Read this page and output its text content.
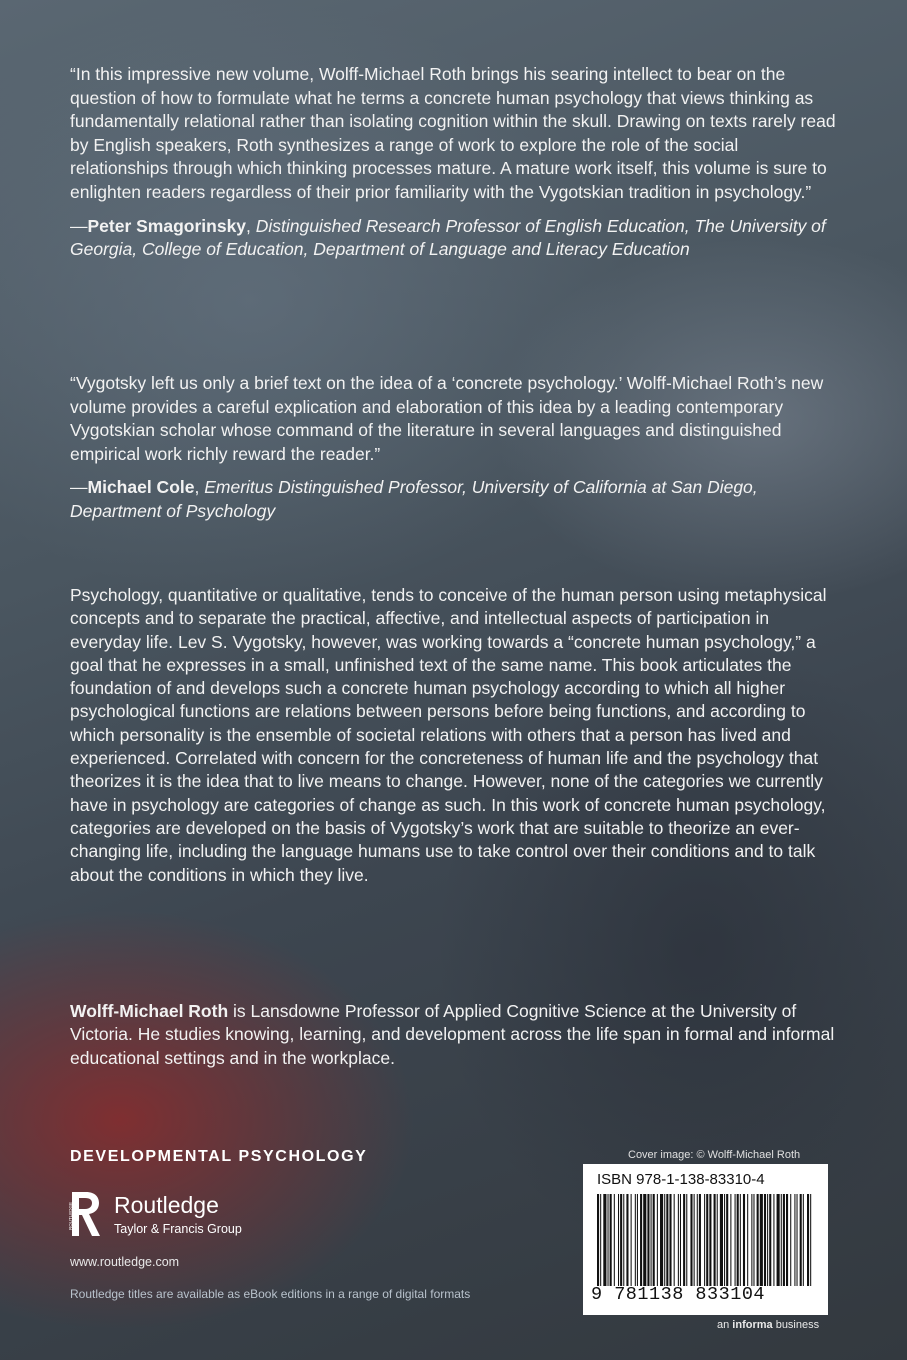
“In this impressive new volume, Wolff-Michael Roth brings his searing intellect to bear on the question of how to formulate what he terms a concrete human psychology that views thinking as fundamentally relational rather than isolating cognition within the skull. Drawing on texts rarely read by English speakers, Roth synthesizes a range of work to explore the role of the social relationships through which thinking processes mature. A mature work itself, this volume is sure to enlighten readers regardless of their prior familiarity with the Vygotskian tradition in psychology.”

—Peter Smagorinsky, Distinguished Research Professor of English Education, The University of Georgia, College of Education, Department of Language and Literacy Education

“Vygotsky left us only a brief text on the idea of a ‘concrete psychology.’ Wolff-Michael Roth’s new volume provides a careful explication and elaboration of this idea by a leading contemporary Vygotskian scholar whose command of the literature in several languages and distinguished empirical work richly reward the reader.”

—Michael Cole, Emeritus Distinguished Professor, University of California at San Diego, Department of Psychology

Psychology, quantitative or qualitative, tends to conceive of the human person using metaphysical concepts and to separate the practical, affective, and intellectual aspects of participation in everyday life. Lev S. Vygotsky, however, was working towards a “concrete human psychology,” a goal that he expresses in a small, unfinished text of the same name. This book articulates the foundation of and develops such a concrete human psychology according to which all higher psychological functions are relations between persons before being functions, and according to which personality is the ensemble of societal relations with others that a person has lived and experienced. Correlated with concern for the concreteness of human life and the psychology that theorizes it is the idea that to live means to change. However, none of the categories we currently have in psychology are categories of change as such. In this work of concrete human psychology, categories are developed on the basis of Vygotsky’s work that are suitable to theorize an ever-changing life, including the language humans use to take control over their conditions and to talk about the conditions in which they live.

Wolff-Michael Roth is Lansdowne Professor of Applied Cognitive Science at the University of Victoria. He studies knowing, learning, and development across the life span in formal and informal educational settings and in the workplace.

DEVELOPMENTAL PSYCHOLOGY
ROUTLEDGE Routledge
Taylor & Francis Group
www.routledge.com
Routledge titles are available as eBook editions in a range of digital formats
Cover image: © Wolff-Michael Roth
ISBN 978-1-138-83310-4
9 781138 833104
an informa business
